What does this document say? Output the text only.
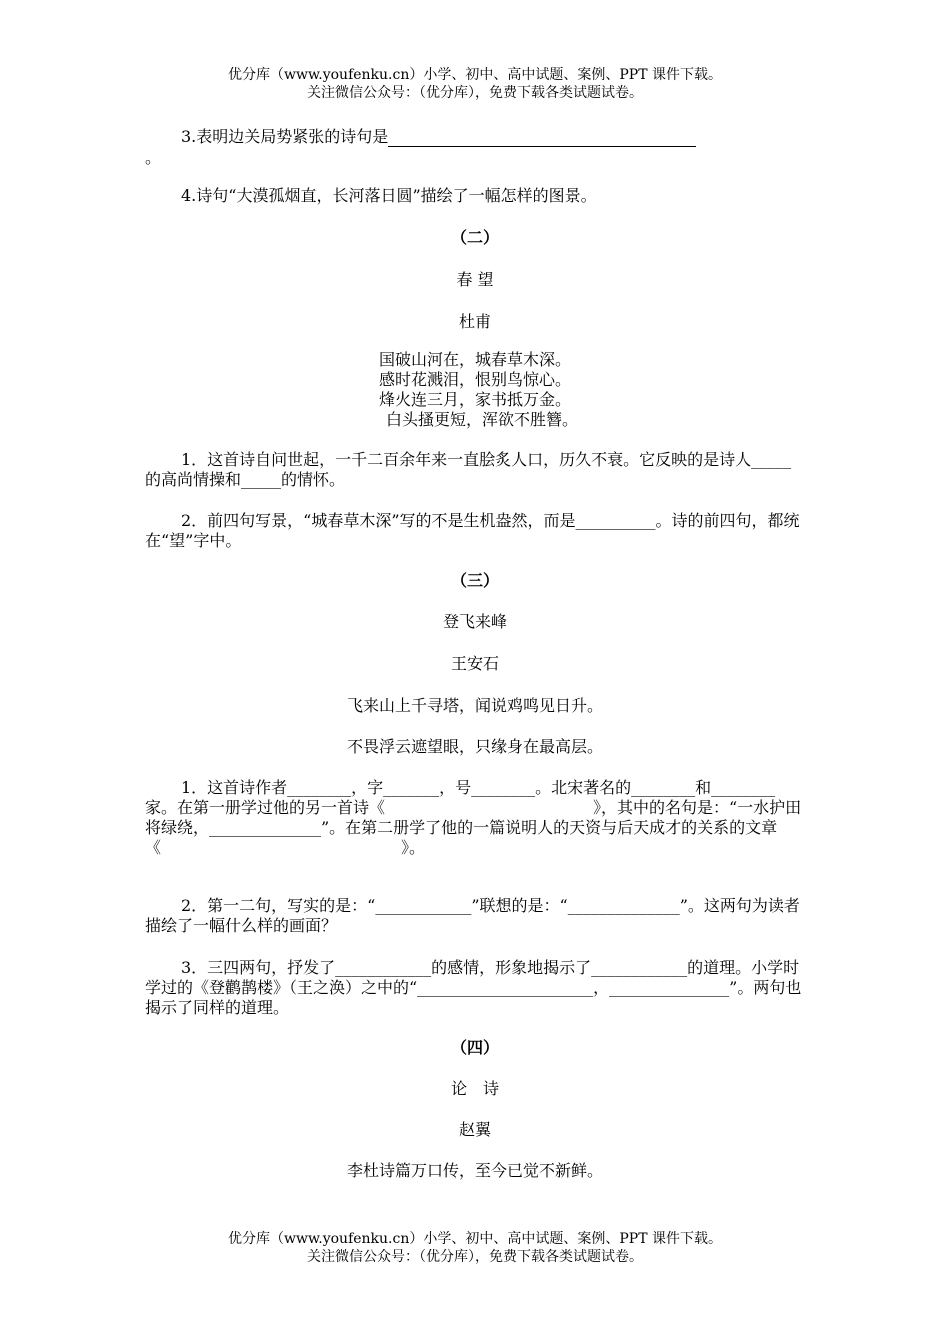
优分库（www.youfenku.cn）小学、初中、高中试题、案例、PPT 课件下载。
关注微信公众号：（优分库），免费下载各类试题试卷。
3.表明边关局势紧张的诗句是
。
4.诗句“大漠孤烟直，长河落日圆”描绘了一幅怎样的图景。
（二）
春 望
杜甫
国破山河在，城春草木深。
感时花溅泪，恨别鸟惊心。
烽火连三月，家书抵万金。
白头搔更短，浑欲不胜簪。
1．这首诗自问世起，一千二百余年来一直脍炙人口，历久不衰。它反映的是诗人_____的高尚情操和_____的情怀。
2．前四句写景，“城春草木深”写的不是生机盎然，而是__________。诗的前四句，都统在“望”字中。
（三）
登飞来峰
王安石
飞来山上千寻塔，闻说鸡鸣见日升。
不畏浮云遮望眼，只缘身在最高层。
1．这首诗作者________，字_______，号________。北宋著名的________和________家。在第一册学过他的另一首诗《　　　　　　　　　　　　　》，其中的名句是：“一水护田将绿绕，______________”。在第二册学了他的一篇说明人的天资与后天成才的关系的文章《　　　　　　　　　　　　　　　》。
2．第一二句，写实的是：“____________”联想的是：“______________”。这两句为读者描绘了一幅什么样的画面？
3．三四两句，抒发了____________的感情，形象地揭示了____________的道理。小学时学过的《登鹳鹊楼》（王之涣）之中的“______________________，_______________”。两句也揭示了同样的道理。
（四）
论　诗
赵翼
李杜诗篇万口传，至今已觉不新鲜。
优分库（www.youfenku.cn）小学、初中、高中试题、案例、PPT 课件下载。
关注微信公众号：（优分库），免费下载各类试题试卷。
